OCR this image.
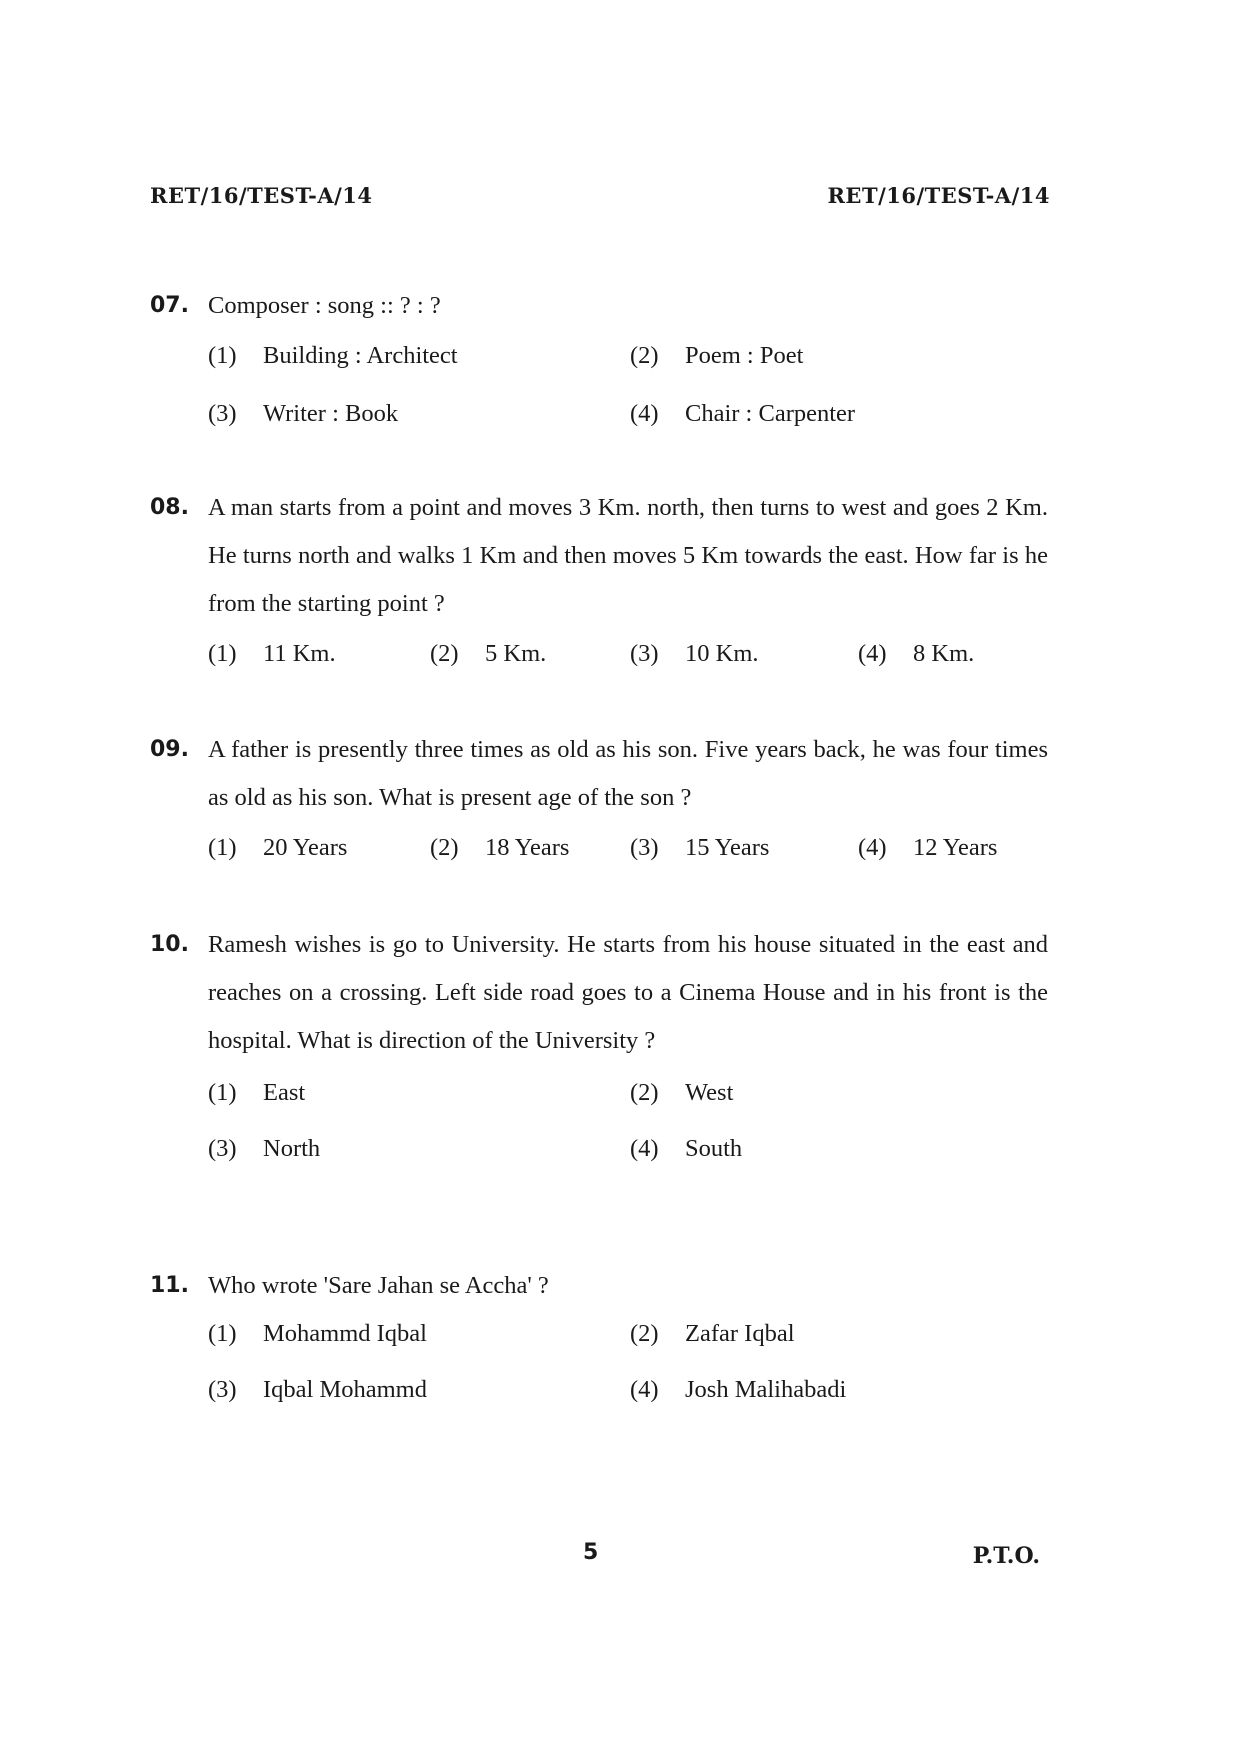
RET/16/TEST-A/14	RET/16/TEST-A/14
07. Composer : song :: ? : ?
(1) Building : Architect	(2) Poem : Poet
(3) Writer : Book	(4) Chair : Carpenter
08. A man starts from a point and moves 3 Km. north, then turns to west and goes 2 Km. He turns north and walks 1 Km and then moves 5 Km towards the east. How far is he from the starting point ?
(1) 11 Km.	(2) 5 Km.	(3) 10 Km.	(4) 8 Km.
09. A father is presently three times as old as his son. Five years back, he was four times as old as his son. What is present age of the son ?
(1) 20 Years	(2) 18 Years (3) 15 Years	(4) 12 Years
10. Ramesh wishes is go to University. He starts from his house situated in the east and reaches on a crossing. Left side road goes to a Cinema House and in his front is the hospital. What is direction of the University ?
(1) East	(2) West
(3) North	(4) South
11. Who wrote 'Sare Jahan se Accha' ?
(1) Mohammd Iqbal	(2) Zafar Iqbal
(3) Iqbal Mohammd	(4) Josh Malihabadi
5	P.T.O.
